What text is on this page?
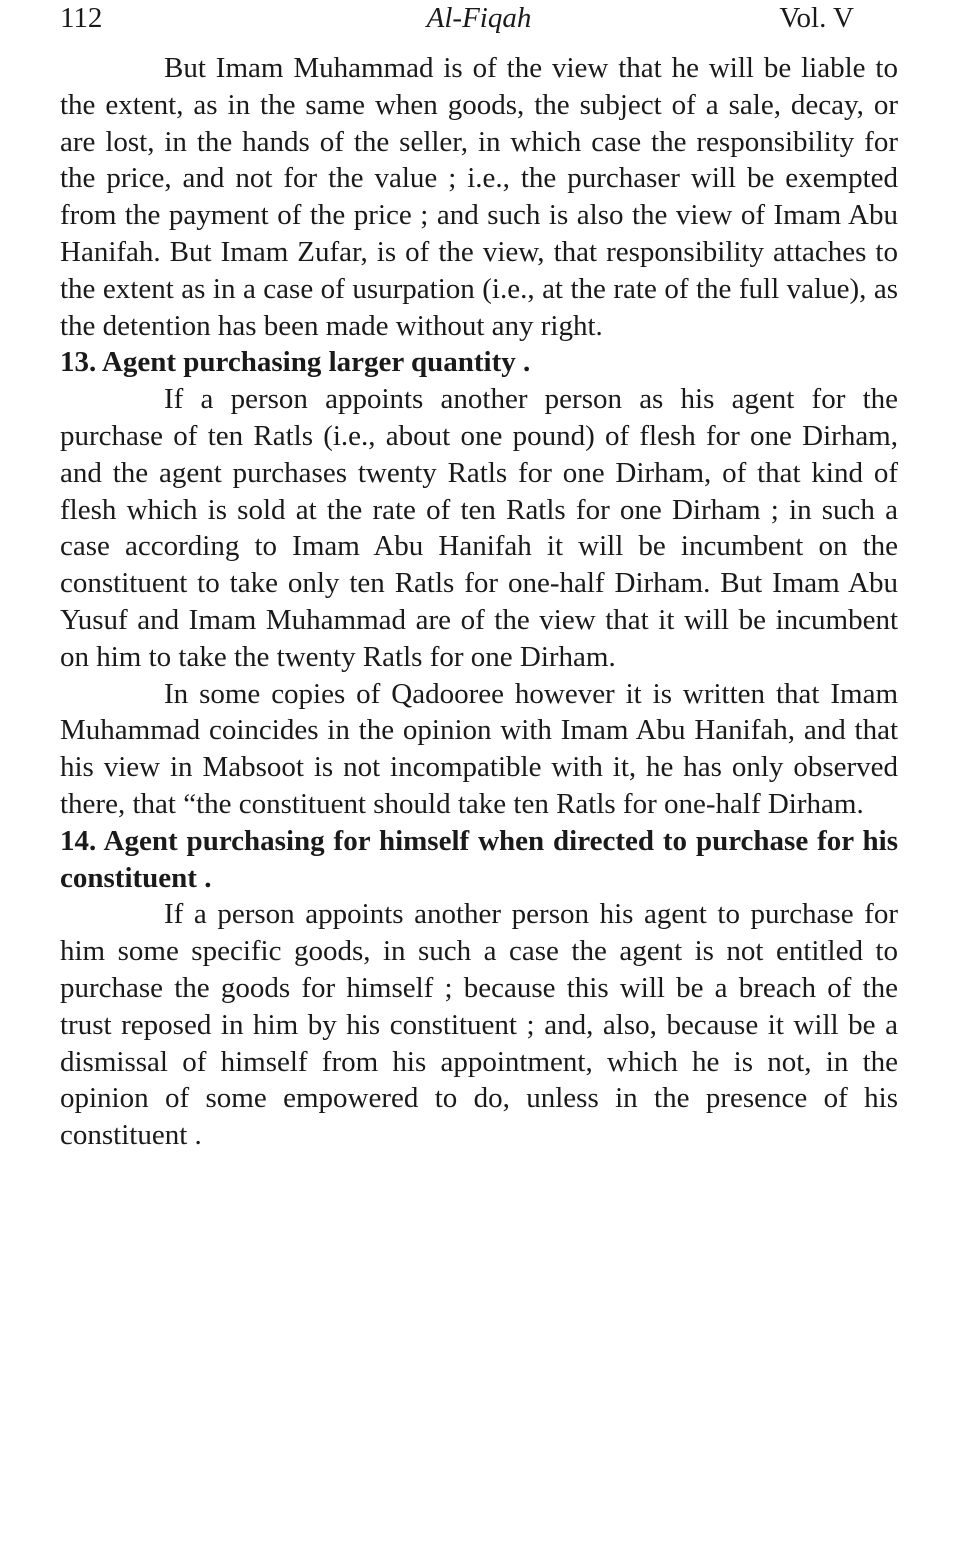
112	Al-Fiqah	Vol. V

But Imam Muhammad is of the view that he will be liable to the extent, as in the same when goods, the subject of a sale, decay, or are lost, in the hands of the seller, in which case the responsibility for the price, and not for the value ; i.e., the purchaser will be exempted from the payment of the price ; and such is also the view of Imam Abu Hanifah. But Imam Zufar, is of the view, that responsibility attaches to the extent as in a case of usurpation (i.e., at the rate of the full value), as the detention has been made without any right.

13. Agent purchasing larger quantity .

If a person appoints another person as his agent for the purchase of ten Ratls (i.e., about one pound) of flesh for one Dirham, and the agent purchases twenty Ratls for one Dirham, of that kind of flesh which is sold at the rate of ten Ratls for one Dirham ; in such a case according to Imam Abu Hanifah it will be incumbent on the constituent to take only ten Ratls for one-half Dirham. But Imam Abu Yusuf and Imam Muhammad are of the view that it will be incumbent on him to take the twenty Ratls for one Dirham.

In some copies of Qadooree however it is written that Imam Muhammad coincides in the opinion with Imam Abu Hanifah, and that his view in Mabsoot is not incompatible with it, he has only observed there, that “the constituent should take ten Ratls for one-half Dirham.

14. Agent purchasing for himself when directed to purchase for his constituent .

If a person appoints another person his agent to purchase for him some specific goods, in such a case the agent is not entitled to purchase the goods for himself ; because this will be a breach of the trust reposed in him by his constituent ; and, also, because it will be a dismissal of himself from his appointment, which he is not, in the opinion of some empowered to do, unless in the presence of his constituent .
